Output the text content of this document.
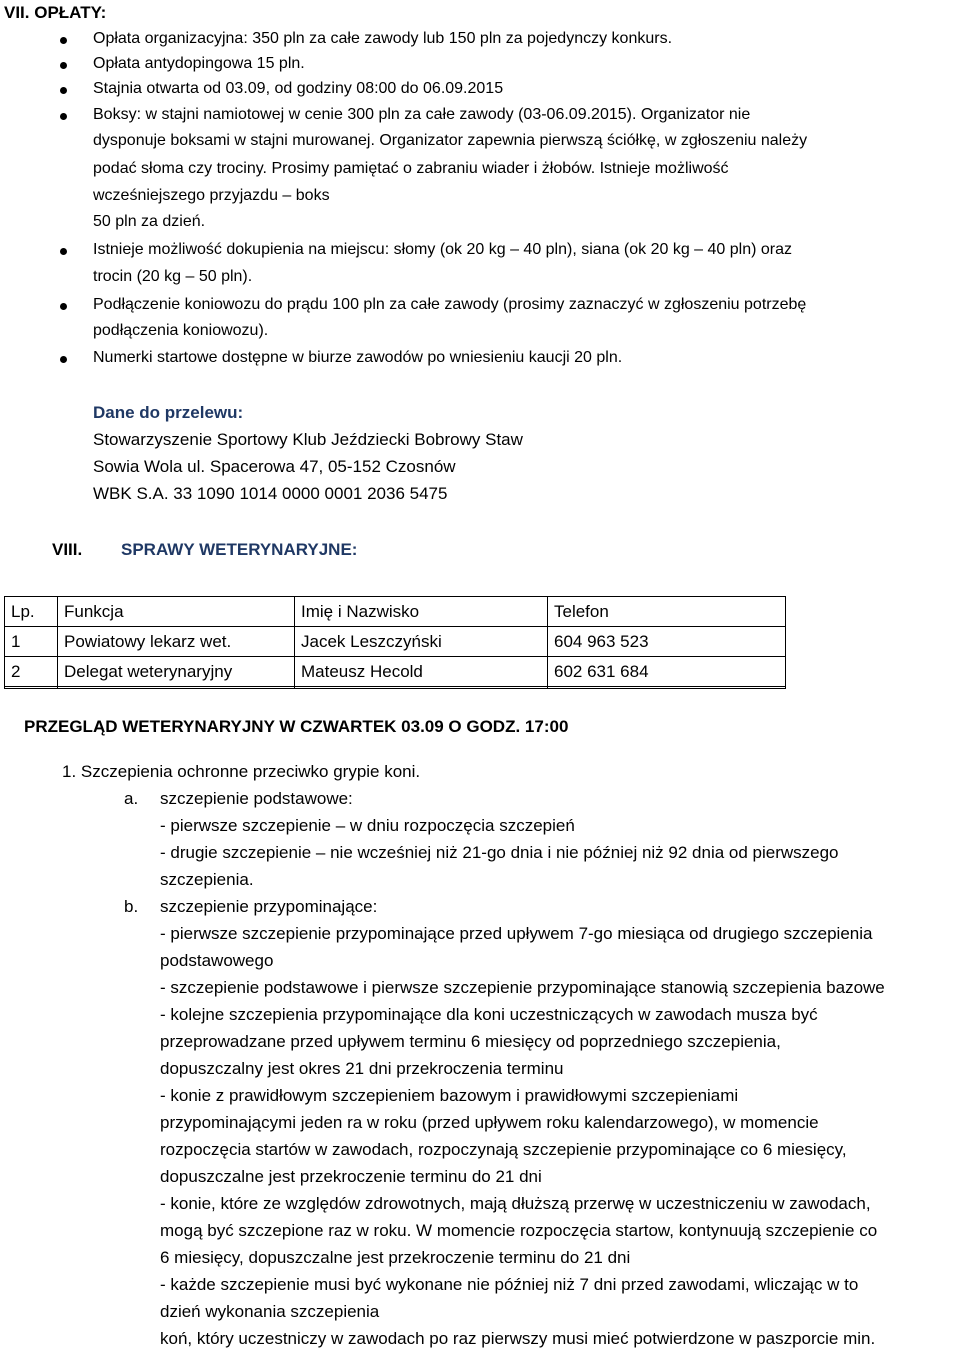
VII. OPŁATY:
Opłata organizacyjna: 350 pln za całe zawody lub 150 pln za pojedynczy konkurs.
Opłata antydopingowa 15 pln.
Stajnia otwarta od 03.09, od godziny 08:00 do 06.09.2015
Boksy: w stajni namiotowej w cenie 300 pln za całe zawody (03-06.09.2015). Organizator nie
dysponuje boksami w stajni murowanej. Organizator zapewnia pierwszą ściółkę, w zgłoszeniu należy
podać słoma czy trociny. Prosimy pamiętać o zabraniu wiader i żłobów. Istnieje możliwość
wcześniejszego przyjazdu – boks
50 pln za dzień.
Istnieje możliwość dokupienia na miejscu: słomy (ok 20 kg – 40 pln), siana (ok 20 kg – 40 pln) oraz
trocin (20 kg – 50 pln).
Podłączenie koniowozu do prądu 100 pln za całe zawody (prosimy zaznaczyć w zgłoszeniu potrzebę
podłączenia koniowozu).
Numerki startowe dostępne w biurze zawodów po wniesieniu kaucji 20 pln.
Dane do przelewu:
Stowarzyszenie Sportowy Klub Jeździecki Bobrowy Staw
Sowia Wola ul. Spacerowa 47, 05-152 Czosnów
WBK S.A. 33 1090 1014 0000 0001 2036 5475
VIII. SPRAWY WETERYNARYJNE:
Lp.	Funkcja	Imię i Nazwisko	Telefon
1	Powiatowy lekarz wet.	Jacek Leszczyński	604 963 523
2	Delegat weterynaryjny	Mateusz Hecold	602 631 684

PRZEGLĄD WETERYNARYJNY W CZWARTEK 03.09 O GODZ. 17:00
1. Szczepienia ochronne przeciwko grypie koni.
a. szczepienie podstawowe:
- pierwsze szczepienie – w dniu rozpoczęcia szczepień
- drugie szczepienie – nie wcześniej niż 21-go dnia i nie później niż 92 dnia od pierwszego
szczepienia.
b. szczepienie przypominające:
- pierwsze szczepienie przypominające przed upływem 7-go miesiąca od drugiego szczepienia
podstawowego
- szczepienie podstawowe i pierwsze szczepienie przypominające stanowią szczepienia bazowe
- kolejne szczepienia przypominające dla koni uczestniczących w zawodach musza być
przeprowadzane przed upływem terminu 6 miesięcy od poprzedniego szczepienia,
dopuszczalny jest okres 21 dni przekroczenia terminu
- konie z prawidłowym szczepieniem bazowym i prawidłowymi szczepieniami
przypominającymi jeden ra w roku (przed upływem roku kalendarzowego), w momencie
rozpoczęcia startów w zawodach, rozpoczynają szczepienie przypominające co 6 miesięcy,
dopuszczalne jest przekroczenie terminu do 21 dni
- konie, które ze względów zdrowotnych, mają dłuższą przerwę w uczestniczeniu w zawodach,
mogą być szczepione raz w roku. W momencie rozpoczęcia startow, kontynuują szczepienie co
6 miesięcy, dopuszczalne jest przekroczenie terminu do 21 dni
- każde szczepienie musi być wykonane nie później niż 7 dni przed zawodami, wliczając w to
dzień wykonania szczepienia
koń, który uczestniczy w zawodach po raz pierwszy musi mieć potwierdzone w paszporcie min.
